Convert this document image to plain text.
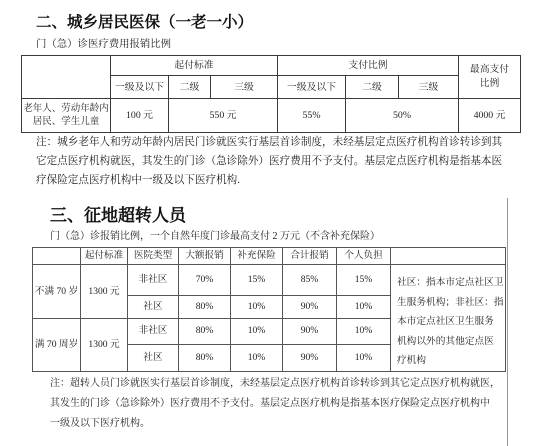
二、城乡居民医保（一老一小）
门（急）诊医疗费用报销比例
	起付标准			支付比例			最高支付比例
	一级及以下	二级	三级	一级及以下	二级	三级	
老年人、劳动年龄内居民、学生儿童	100 元	550 元		55%	50%		4000 元
注：城乡老年人和劳动年龄内居民门诊就医实行基层首诊制度，未经基层定点医疗机构首诊转诊到其
它定点医疗机构就医，其发生的门诊（急诊除外）医疗费用不予支付。基层定点医疗机构是指基本医
疗保险定点医疗机构中一级及以下医疗机构.
三、征地超转人员
门（急）诊报销比例，一个自然年度门诊最高支付 2 万元（不含补充保险）
	起付标准	医院类型	大额报销	补充保险	合计报销	个人负担	
不满 70 岁	1300 元	非社区	70%	15%	85%	15%	社区：指本市定点社区卫
生服务机构；非社区：指
本市定点社区卫生服务
机构以外的其他定点医
疗机构

		社区	80%	10%	90%	10%	
满 70 周岁	1300 元	非社区	80%	10%	90%	10%	
		社区	80%	10%	90%	10%	
注：超转人员门诊就医实行基层首诊制度，未经基层定点医疗机构首诊转诊到其它定点医疗机构就医，
其发生的门诊（急诊除外）医疗费用不予支付。基层定点医疗机构是指基本医疗保险定点医疗机构中
一级及以下医疗机构。
